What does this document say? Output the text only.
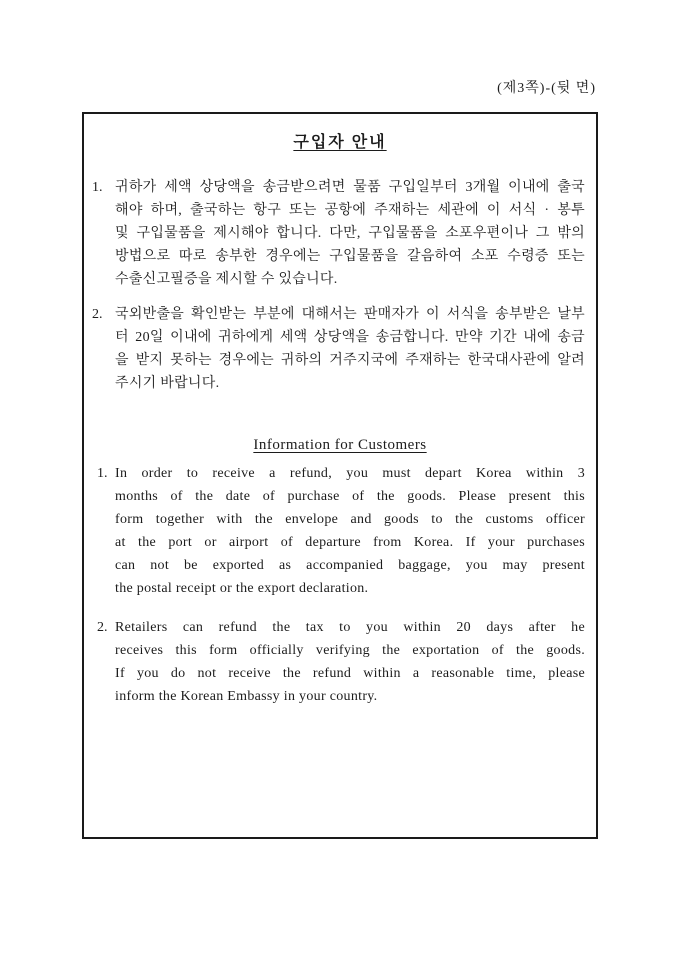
(제3쪽)-(뒷 면)
구입자 안내
1. 귀하가 세액 상당액을 송금받으려면 물품 구입일부터 3개월 이내에 출국
해야 하며, 출국하는 항구 또는 공항에 주재하는 세관에 이 서식 · 봉투
및 구입물품을 제시해야 합니다. 다만, 구입물품을 소포우편이나 그 밖의
방법으로 따로 송부한 경우에는 구입물품을 갈음하여 소포 수령증 또는
수출신고필증을 제시할 수 있습니다.
2. 국외반출을 확인받는 부분에 대해서는 판매자가 이 서식을 송부받은 날부
터 20일 이내에 귀하에게 세액 상당액을 송금합니다. 만약 기간 내에 송금
을 받지 못하는 경우에는 귀하의 거주지국에 주재하는 한국대사관에 알려
주시기 바랍니다.
Information for Customers
1. In order to receive a refund, you must depart Korea within 3
months of the date of purchase of the goods. Please present this
form together with the envelope and goods to the customs officer
at the port or airport of departure from Korea. If your purchases
can not be exported as accompanied baggage, you may present
the postal receipt or the export declaration.
2. Retailers can refund the tax to you within 20 days after he
receives this form officially verifying the exportation of the goods.
If you do not receive the refund within a reasonable time, please
inform the Korean Embassy in your country.
